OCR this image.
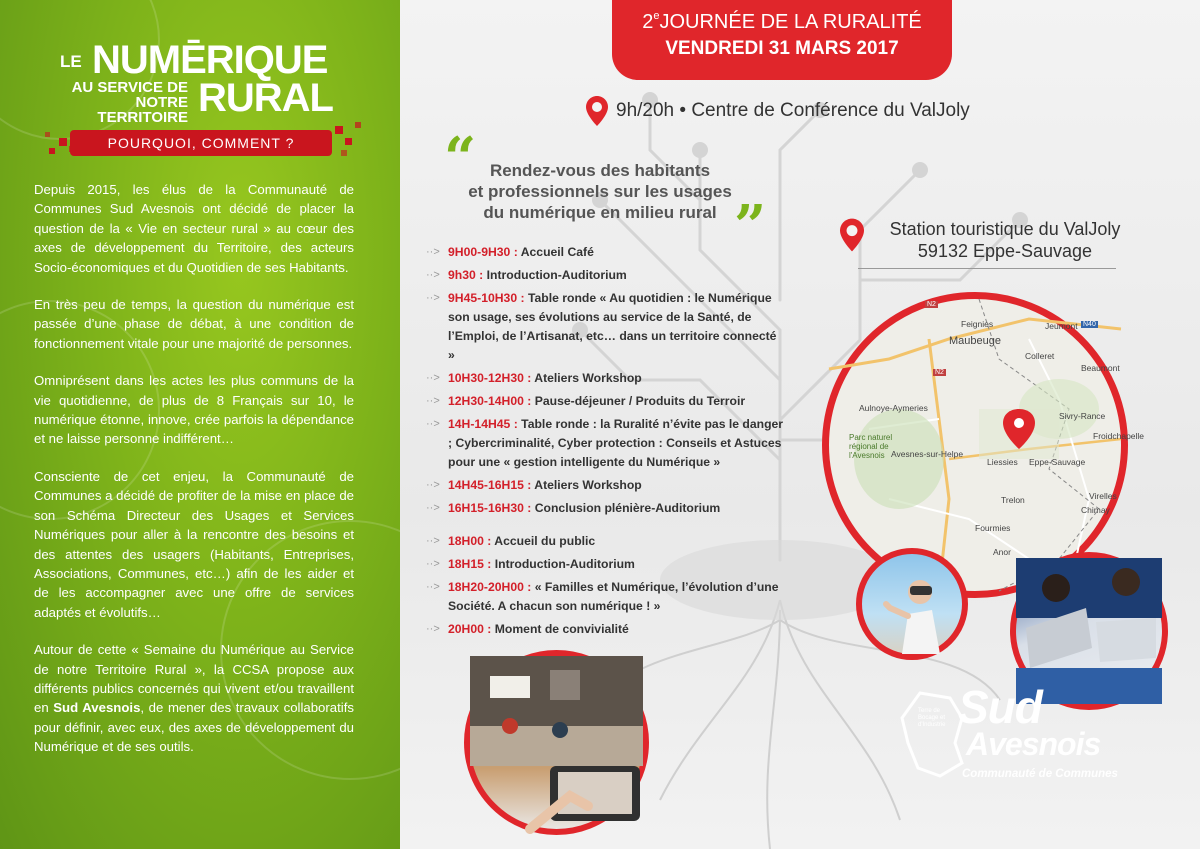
LE NUMĒRIQUE
AU SERVICE DE
NOTRE TERRITOIRE RURAL
POURQUOI, COMMENT ?

Depuis 2015, les élus de la Communauté de Communes Sud Avesnois ont décidé de placer la question de la « Vie en secteur rural » au cœur des axes de développement du Territoire, des acteurs Socio-économiques et du Quotidien de ses Habitants.

En très peu de temps, la question du numérique est passée d’une phase de débat, à une condition de fonctionnement vitale pour une majorité de personnes.

Omniprésent dans les actes les plus communs de la vie quotidienne, de plus de 8 Français sur 10, le numérique étonne, innove, crée parfois la dépendance et ne laisse personne indifférent…

Consciente de cet enjeu, la Communauté de Communes a décidé de profiter de la mise en place de son Schéma Directeur des Usages et Services Numériques pour aller à la rencontre des besoins et des attentes des usagers (Habitants, Entreprises, Associations, Communes, etc…) afin de les aider et de les accompagner avec une offre de services adaptés et évolutifs…

Autour de cette « Semaine du Numérique au Service de notre Territoire Rural », la CCSA propose aux différents publics concernés qui vivent et/ou travaillent en Sud Avesnois, de mener des travaux collaboratifs pour définir, avec eux, des axes de développement du Numérique et de ses outils.

2eJOURNÉE DE LA RURALITÉ
VENDREDI 31 MARS 2017
9h/20h • Centre de Conférence du ValJoly
“ Rendez-vous des habitants
et professionnels sur les usages
du numérique en milieu rural ”
··> 9H00-9H30 : Accueil Café
··> 9h30 : Introduction-Auditorium
··> 9H45-10H30 : Table ronde « Au quotidien : le Numérique son usage, ses évolutions au service de la Santé, de l’Emploi, de l’Artisanat, etc… dans un territoire connecté »
··> 10H30-12H30 : Ateliers Workshop
··> 12H30-14H00 : Pause-déjeuner / Produits du Terroir
··> 14H-14H45 : Table ronde : la Ruralité n’évite pas le danger ; Cybercriminalité, Cyber protection : Conseils et Astuces pour une « gestion intelligente du Numérique »
··> 14H45-16H15 : Ateliers Workshop
··> 16H15-16H30 : Conclusion plénière-Auditorium
··> 18H00 : Accueil du public
··> 18H15 : Introduction-Auditorium
··> 18H20-20H00 : « Familles et Numérique, l’évolution d’une Société. A chacun son numérique ! »
··> 20H00 : Moment de convivialité
Station touristique du ValJoly
59132 Eppe-Sauvage
Feignies
Maubeuge
Jeumont
Colleret
Beaumont
Aulnoye-Aymeries
Sivry-Rance
Froidchapelle
Parc naturel
régional de
l'Avesnois Avesnes-sur-Helpe
Liessies Eppe-Sauvage
Trelon	Virelles
Chimay
Fourmies
Anor
N2
N2
N40
Terre de
Bocage et
d'Industrie Sud
Avesnois
Communauté de Communes
